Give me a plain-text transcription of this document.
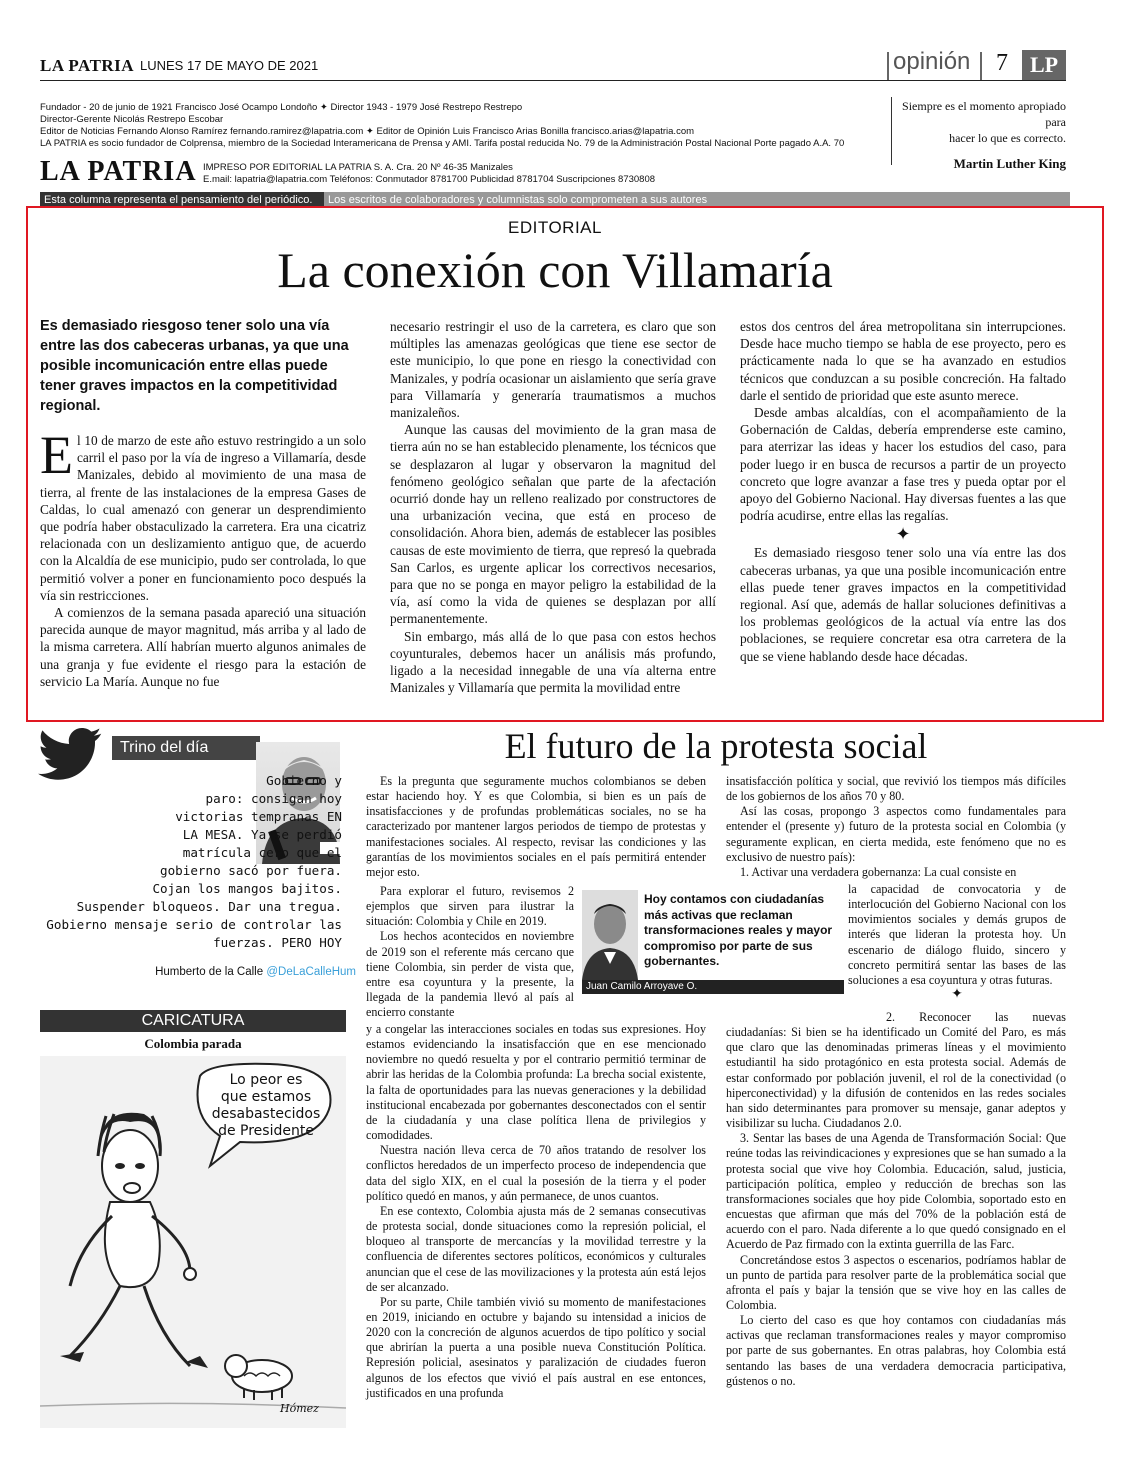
LA PATRIA LUNES 17 DE MAYO DE 2021	opinión 7 LP
Fundador - 20 de junio de 1921 Francisco José Ocampo Londoño ✦ Director 1943 - 1979 José Restrepo Restrepo
Director-Gerente Nicolás Restrepo Escobar
Editor de Noticias Fernando Alonso Ramírez fernando.ramirez@lapatria.com ✦ Editor de Opinión Luis Francisco Arias Bonilla francisco.arias@lapatria.com
LA PATRIA es socio fundador de Colprensa, miembro de la Sociedad Interamericana de Prensa y AMI. Tarifa postal reducida No. 79 de la Administración Postal Nacional Porte pagado A.A. 70
Siempre es el momento apropiado para
hacer lo que es correcto.
Martin Luther King
LA PATRIA IMPRESO POR EDITORIAL LA PATRIA S. A. Cra. 20 Nº 46-35 Manizales
E.mail: lapatria@lapatria.com Teléfonos: Conmutador 8781700 Publicidad 8781704 Suscripciones 8730808
Esta columna representa el pensamiento del periódico.	Los escritos de colaboradores y columnistas solo comprometen a sus autores
EDITORIAL
La conexión con Villamaría
Es demasiado riesgoso tener solo una vía entre las dos cabeceras urbanas, ya que una posible incomunicación entre ellas puede tener graves impactos en la competitividad regional.

El 10 de marzo de este año estuvo restringido a un solo carril el paso por la vía de ingreso a Villamaría, desde Manizales, debido al movimiento de una masa de tierra, al frente de las instalaciones de la empresa Gases de Caldas, lo cual amenazó con generar un desprendimiento que podría haber obstaculizado la carretera. Era una cicatriz relacionada con un deslizamiento antiguo que, de acuerdo con la Alcaldía de ese municipio, pudo ser controlada, lo que permitió volver a poner en funcionamiento poco después la vía sin restricciones.

A comienzos de la semana pasada apareció una situación parecida aunque de mayor magnitud, más arriba y al lado de la misma carretera. Allí habrían muerto algunos animales de una granja y fue evidente el riesgo para la estación de servicio La María. Aunque no fue

necesario restringir el uso de la carretera, es claro que son múltiples las amenazas geológicas que tiene ese sector de este municipio, lo que pone en riesgo la conectividad con Manizales, y podría ocasionar un aislamiento que sería grave para Villamaría y generaría traumatismos a muchos manizaleños.

Aunque las causas del movimiento de la gran masa de tierra aún no se han establecido plenamente, los técnicos que se desplazaron al lugar y observaron la magnitud del fenómeno geológico señalan que parte de la afectación ocurrió donde hay un relleno realizado por constructores de una urbanización vecina, que está en proceso de consolidación. Ahora bien, además de establecer las posibles causas de este movimiento de tierra, que represó la quebrada San Carlos, es urgente aplicar los correctivos necesarios, para que no se ponga en mayor peligro la estabilidad de la vía, así como la vida de quienes se desplazan por allí permanentemente.

Sin embargo, más allá de lo que pasa con estos hechos coyunturales, debemos hacer un análisis más profundo, ligado a la necesidad innegable de una vía alterna entre Manizales y Villamaría que permita la movilidad entre

estos dos centros del área metropolitana sin interrupciones. Desde hace mucho tiempo se habla de ese proyecto, pero es prácticamente nada lo que se ha avanzado en estudios técnicos que conduzcan a su posible concreción. Ha faltado darle el sentido de prioridad que este asunto merece.

Desde ambas alcaldías, con el acompañamiento de la Gobernación de Caldas, debería emprenderse este camino, para aterrizar las ideas y hacer los estudios del caso, para poder luego ir en busca de recursos a partir de un proyecto concreto que logre avanzar a fase tres y pueda optar por el apoyo del Gobierno Nacional. Hay diversas fuentes a las que podría acudirse, entre ellas las regalías.

✦

Es demasiado riesgoso tener solo una vía entre las dos cabeceras urbanas, ya que una posible incomunicación entre ellas puede tener graves impactos en la competitividad regional. Así que, además de hallar soluciones definitivas a los problemas geológicos de la actual vía entre las dos poblaciones, se requiere concretar esa otra carretera de la que se viene hablando desde hace décadas.

Trino del día
Gobierno y
paro: consigan hoy
victorias tempranas EN
LA MESA. Ya se perdió
matrícula cero que el
gobierno sacó por fuera.
Cojan los mangos bajitos.
Suspender bloqueos. Dar una tregua.
Gobierno mensaje serio de controlar las
fuerzas. PERO HOY
Humberto de la Calle @DeLaCalleHum
CARICATURA
Colombia parada
Lo peor es
que estamos
desabastecidos
de Presidente
Hómez
El futuro de la protesta social

Es la pregunta que seguramente muchos colombianos se deben estar haciendo hoy. Y es que Colombia, si bien es un país de insatisfacciones y de profundas problemáticas sociales, no se ha caracterizado por mantener largos periodos de tiempo de protestas y manifestaciones sociales. Al respecto, revisar las condiciones y las garantías de los movimientos sociales en el país permitirá entender mejor esto.

Para explorar el futuro, revisemos 2 ejemplos que sirven para ilustrar la situación: Colombia y Chile en 2019.

Los hechos acontecidos en noviembre de 2019 son el referente más cercano que tiene Colombia, sin perder de vista que, entre esa coyuntura y la presente, la llegada de la pandemia llevó al país al encierro constante

y a congelar las interacciones sociales en todas sus expresiones. Hoy estamos evidenciando la insatisfacción que en ese mencionado noviembre no quedó resuelta y por el contrario permitió terminar de abrir las heridas de la Colombia profunda: La brecha social existente, la falta de oportunidades para las nuevas generaciones y la debilidad institucional encabezada por gobernantes desconectados con el sentir de la ciudadanía y una clase política llena de privilegios y comodidades.

Nuestra nación lleva cerca de 70 años tratando de resolver los conflictos heredados de un imperfecto proceso de independencia que data del siglo XIX, en el cual la posesión de la tierra y el poder político quedó en manos, y aún permanece, de unos cuantos.

En ese contexto, Colombia ajusta más de 2 semanas consecutivas de protesta social, donde situaciones como la represión policial, el bloqueo al transporte de mercancías y la movilidad terrestre y la confluencia de diferentes sectores políticos, económicos y culturales anuncian que el cese de las movilizaciones y la protesta aún está lejos de ser alcanzado.

Por su parte, Chile también vivió su momento de manifestaciones en 2019, iniciando en octubre y bajando su intensidad a inicios de 2020 con la concreción de algunos acuerdos de tipo político y social que abrirían la puerta a una posible nueva Constitución Política. Represión policial, asesinatos y paralización de ciudades fueron algunos de los efectos que vivió el país austral en ese entonces, justificados en una profunda

Hoy contamos con ciudadanías más activas que reclaman transformaciones reales y mayor compromiso por parte de sus gobernantes.
Juan Camilo Arroyave O.

insatisfacción política y social, que revivió los tiempos más difíciles de los gobiernos de los años 70 y 80.

Así las cosas, propongo 3 aspectos como fundamentales para entender el (presente y) futuro de la protesta social en Colombia (y seguramente explican, en cierta medida, este fenómeno que no es exclusivo de nuestro país):

1. Activar una verdadera gobernanza: La cual consiste en

la capacidad de convocatoria y de interlocución del Gobierno Nacional con los movimientos sociales y demás grupos de interés que lideran la protesta hoy. Un escenario de diálogo fluido, sincero y concreto permitirá sentar las bases de las soluciones a esa coyuntura y otras futuras.

✦

2. Reconocer las nuevas ciudadanías: Si bien se ha identificado un Comité del Paro, es más que claro que las denominadas primeras líneas y el movimiento estudiantil ha sido protagónico en esta protesta social. Además de estar conformado por población juvenil, el rol de la conectividad (o hiperconectividad) y la difusión de contenidos en las redes sociales han sido determinantes para promover su mensaje, ganar adeptos y visibilizar su lucha. Ciudadanos 2.0.

3. Sentar las bases de una Agenda de Transformación Social: Que reúne todas las reivindicaciones y expresiones que se han sumado a la protesta social que vive hoy Colombia. Educación, salud, justicia, participación política, empleo y reducción de brechas son las transformaciones sociales que hoy pide Colombia, soportado esto en encuestas que afirman que más del 70% de la población está de acuerdo con el paro. Nada diferente a lo que quedó consignado en el Acuerdo de Paz firmado con la extinta guerrilla de las Farc.

Concretándose estos 3 aspectos o escenarios, podríamos hablar de un punto de partida para resolver parte de la problemática social que afronta el país y bajar la tensión que se vive hoy en las calles de Colombia.

Lo cierto del caso es que hoy contamos con ciudadanías más activas que reclaman transformaciones reales y mayor compromiso por parte de sus gobernantes. En otras palabras, hoy Colombia está sentando las bases de una verdadera democracia participativa, gústenos o no.
